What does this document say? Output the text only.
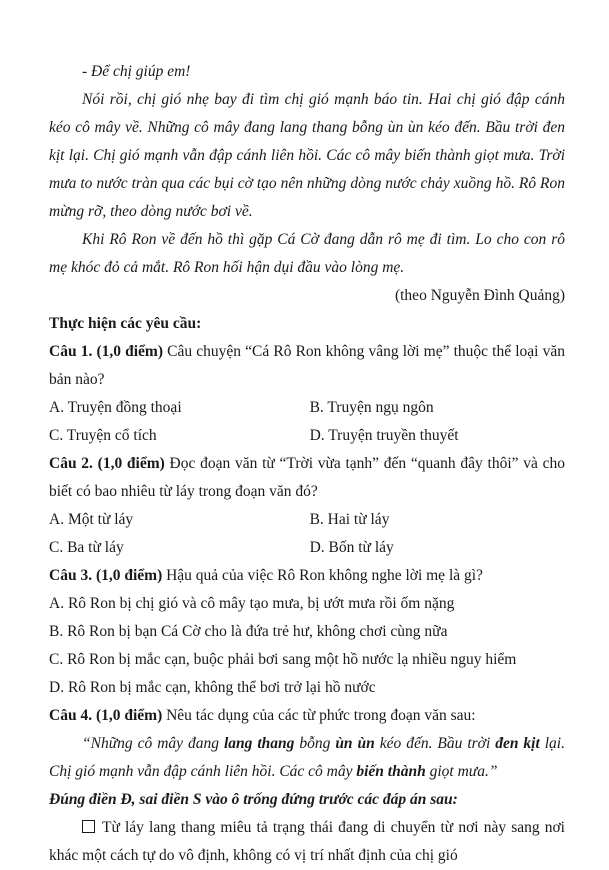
- Để chị giúp em!

Nói rồi, chị gió nhẹ bay đi tìm chị gió mạnh báo tin. Hai chị gió đập cánh kéo cô mây về. Những cô mây đang lang thang bỗng ùn ùn kéo đến. Bầu trời đen kịt lại. Chị gió mạnh vẫn đập cánh liên hồi. Các cô mây biến thành giọt mưa. Trời mưa to nước tràn qua các bụi cờ tạo nên những dòng nước chảy xuồng hồ. Rô Ron mừng rỡ, theo dòng nước bơi về.

Khi Rô Ron về đến hồ thì gặp Cá Cờ đang dẫn rô mẹ đi tìm. Lo cho con rô mẹ khóc đỏ cả mắt. Rô Ron hối hận dụi đầu vào lòng mẹ.

(theo Nguyễn Đình Quảng)

Thực hiện các yêu cầu:

Câu 1. (1,0 điểm) Câu chuyện “Cá Rô Ron không vâng lời mẹ” thuộc thể loại văn bản nào?

A. Truyện đồng thoại	B. Truyện ngụ ngôn
C. Truyện cổ tích	D. Truyện truyền thuyết

Câu 2. (1,0 điểm) Đọc đoạn văn từ “Trời vừa tạnh” đến “quanh đây thôi” và cho biết có bao nhiêu từ láy trong đoạn văn đó?

A. Một từ láy	B. Hai từ láy
C. Ba từ láy	D. Bốn từ láy

Câu 3. (1,0 điểm) Hậu quả của việc Rô Ron không nghe lời mẹ là gì?

A. Rô Ron bị chị gió và cô mây tạo mưa, bị ướt mưa rồi ốm nặng
B. Rô Ron bị bạn Cá Cờ cho là đứa trẻ hư, không chơi cùng nữa
C. Rô Ron bị mắc cạn, buộc phải bơi sang một hồ nước lạ nhiều nguy hiểm
D. Rô Ron bị mắc cạn, không thể bơi trở lại hồ nước

Câu 4. (1,0 điểm) Nêu tác dụng của các từ phức trong đoạn văn sau:

“Những cô mây đang lang thang bỗng ùn ùn kéo đến. Bầu trời đen kịt lại. Chị gió mạnh vẫn đập cánh liên hồi. Các cô mây biến thành giọt mưa.”

Đúng điền Đ, sai điền S vào ô trống đứng trước các đáp án sau:

Từ láy lang thang miêu tả trạng thái đang di chuyển từ nơi này sang nơi khác một cách tự do vô định, không có vị trí nhất định của chị gió
